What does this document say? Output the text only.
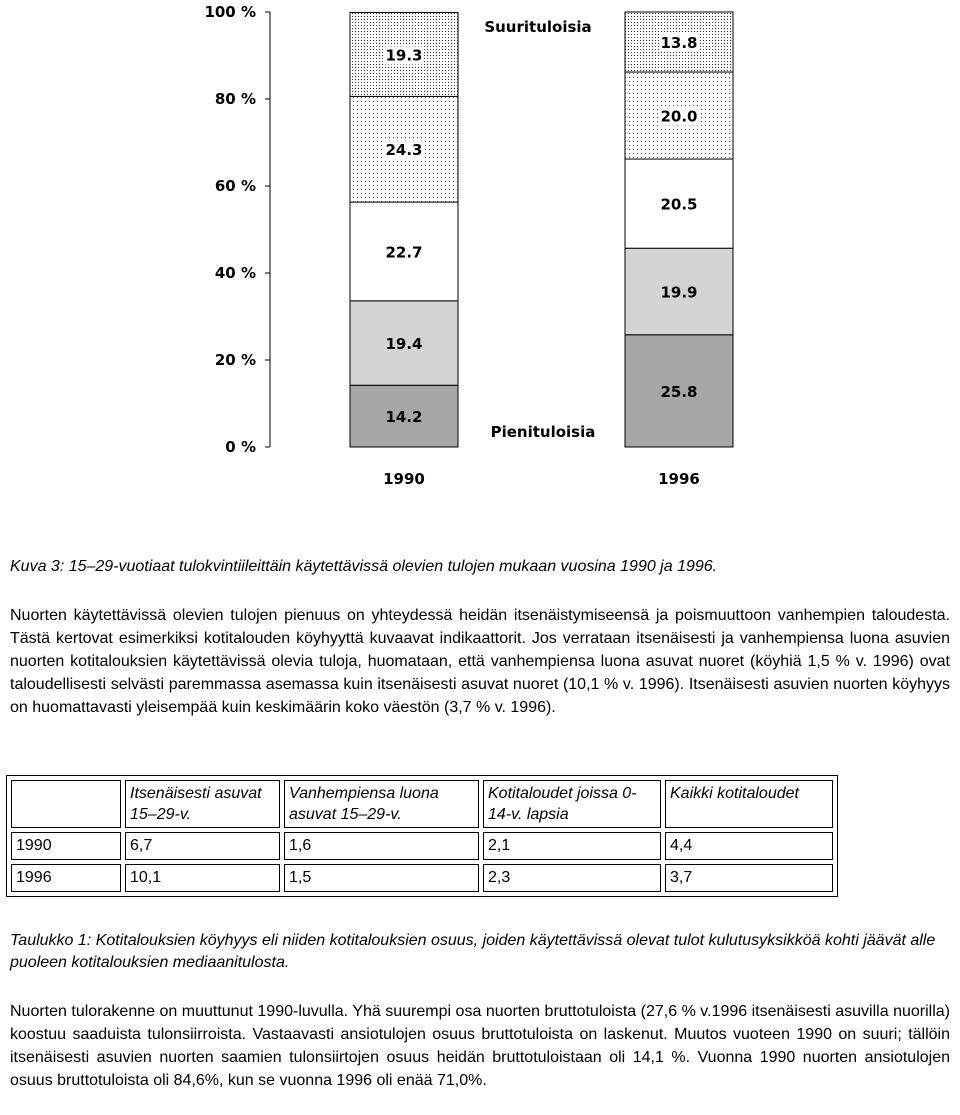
0 %
20 %
40 %
60 %
80 %
100 %
14.2
19.4
22.7
24.3
19.3
1990
25.8
19.9
20.5
20.0
13.8
1996
Suurituloisia
Pienituloisia
Kuva 3: 15–29-vuotiaat tulokvintiileittäin käytettävissä olevien tulojen mukaan vuosina 1990 ja 1996.

Nuorten käytettävissä olevien tulojen pienuus on yhteydessä heidän itsenäistymiseensä ja poismuuttoon vanhempien taloudesta. Tästä kertovat esimerkiksi kotitalouden köyhyyttä kuvaavat indikaattorit. Jos verrataan itsenäisesti ja vanhempiensa luona asuvien nuorten kotitalouksien käytettävissä olevia tuloja, huomataan, että vanhempiensa luona asuvat nuoret (köyhiä 1,5 % v. 1996) ovat taloudellisesti selvästi paremmassa asemassa kuin itsenäisesti asuvat nuoret (10,1 % v. 1996). Itsenäisesti asuvien nuorten köyhyys on huomattavasti yleisempää kuin keskimäärin koko väestön (3,7 % v. 1996).

	Itsenäisesti asuvat 15–29-v.	Vanhempiensa luona asuvat 15–29-v.	Kotitaloudet joissa 0-14-v. lapsia	Kaikki kotitaloudet
1990	6,7	1,6	2,1	4,4
1996	10,1	1,5	2,3	3,7
Taulukko 1: Kotitalouksien köyhyys eli niiden kotitalouksien osuus, joiden käytettävissä olevat tulot kulutusyksikköä kohti jäävät alle puoleen kotitalouksien mediaanitulosta.

Nuorten tulorakenne on muuttunut 1990-luvulla. Yhä suurempi osa nuorten bruttotuloista (27,6 % v.1996 itsenäisesti asuvilla nuorilla) koostuu saaduista tulonsiirroista. Vastaavasti ansiotulojen osuus bruttotuloista on laskenut. Muutos vuoteen 1990 on suuri; tällöin itsenäisesti asuvien nuorten saamien tulonsiirtojen osuus heidän bruttotuloistaan oli 14,1 %. Vuonna 1990 nuorten ansiotulojen osuus bruttotuloista oli 84,6%, kun se vuonna 1996 oli enää 71,0%.
